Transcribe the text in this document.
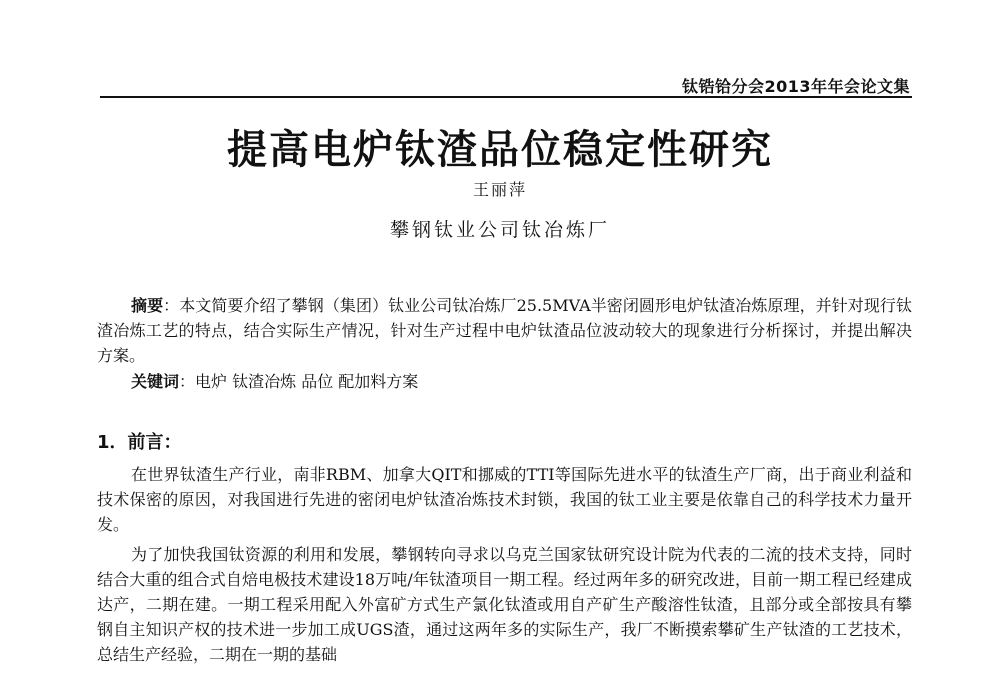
钛锆铪分会2013年年会论文集
提高电炉钛渣品位稳定性研究
王丽萍
攀钢钛业公司钛冶炼厂
摘要：本文简要介绍了攀钢（集团）钛业公司钛冶炼厂25.5MVA半密闭圆形电炉钛渣冶炼原理，并针对现行钛渣冶炼工艺的特点，结合实际生产情况，针对生产过程中电炉钛渣品位波动较大的现象进行分析探讨，并提出解决方案。
关键词：电炉 钛渣冶炼 品位 配加料方案
1．前言：
在世界钛渣生产行业，南非RBM、加拿大QIT和挪威的TTI等国际先进水平的钛渣生产厂商，出于商业利益和技术保密的原因，对我国进行先进的密闭电炉钛渣冶炼技术封锁，我国的钛工业主要是依靠自己的科学技术力量开发。
为了加快我国钛资源的利用和发展，攀钢转向寻求以乌克兰国家钛研究设计院为代表的二流的技术支持，同时结合大重的组合式自焙电极技术建设18万吨/年钛渣项目一期工程。经过两年多的研究改进，目前一期工程已经建成达产，二期在建。一期工程采用配入外富矿方式生产氯化钛渣或用自产矿生产酸溶性钛渣，且部分或全部按具有攀钢自主知识产权的技术进一步加工成UGS渣，通过这两年多的实际生产，我厂不断摸索攀矿生产钛渣的工艺技术，总结生产经验，二期在一期的基础
